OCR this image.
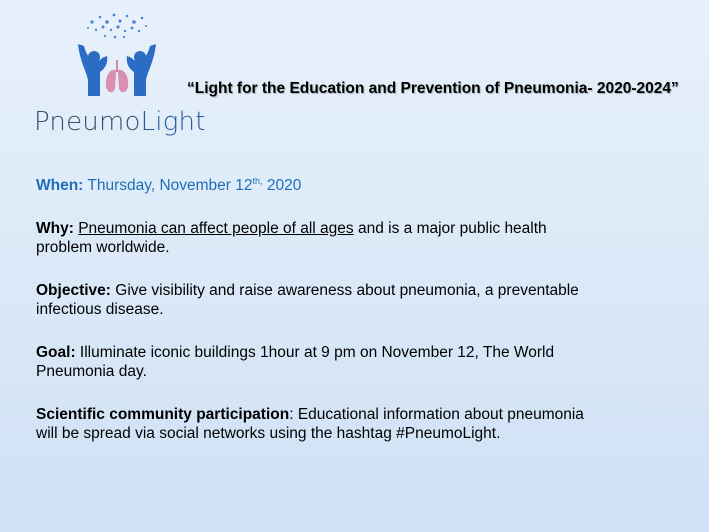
PneumoLight
“Light for the Education and Prevention of Pneumonia- 2020-2024”
When: Thursday, November $12^{th,}$ 2020
Why: Pneumonia can affect people of all ages and is a major public health
problem worldwide.
Objective: Give visibility and raise awareness about pneumonia, a preventable
infectious disease.
Goal: Illuminate iconic buildings 1hour at 9 pm on November 12, The World
Pneumonia day.
Scientific community participation: Educational information about pneumonia
will be spread via social networks using the hashtag #PneumoLight.
